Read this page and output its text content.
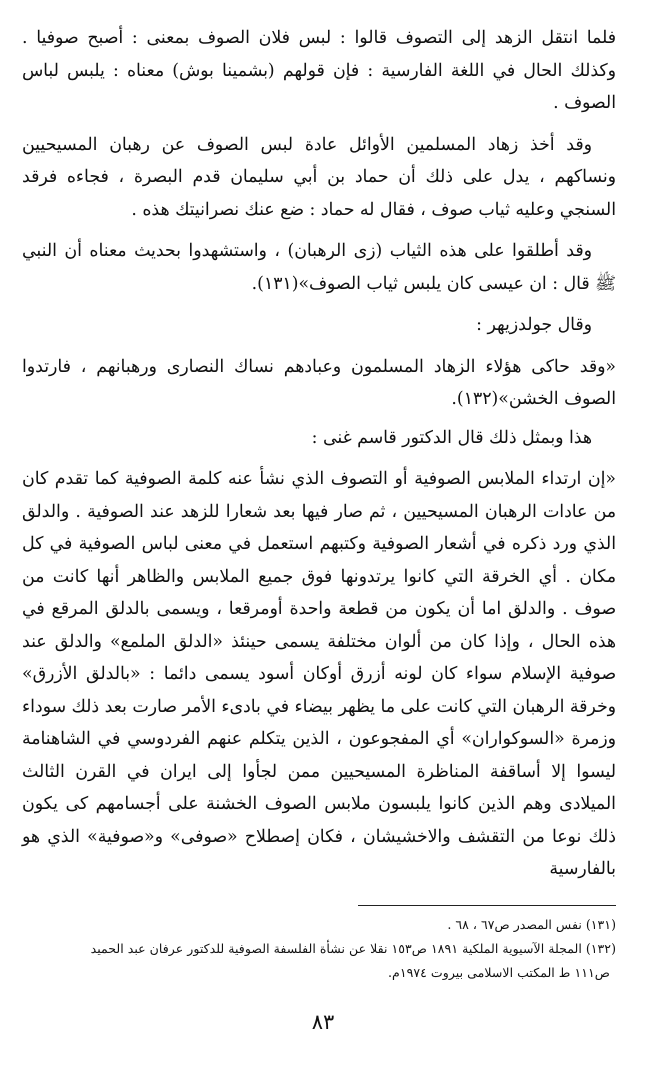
فلما انتقل الزهد إلى التصوف قالوا : لبس فلان الصوف بمعنى : أصبح صوفيا . وكذلك الحال في اللغة الفارسية : فإن قولهم (بشمينا بوش) معناه : يلبس لباس الصوف .

وقد أخذ زهاد المسلمين الأوائل عادة لبس الصوف عن رهبان المسيحيين ونساكهم ، يدل على ذلك أن حماد بن أبي سليمان قدم البصرة ، فجاءه فرقد السنجي وعليه ثياب صوف ، فقال له حماد : ضع عنك نصرانيتك هذه .

وقد أطلقوا على هذه الثياب (زى الرهبان) ، واستشهدوا بحديث معناه أن النبي ﷺ قال : ان عيسى كان يلبس ثياب الصوف»(١٣١).

وقال جولدزيهر :

«وقد حاكى هؤلاء الزهاد المسلمون وعبادهم نساك النصارى ورهبانهم ، فارتدوا الصوف الخشن»(١٣٢).

هذا وبمثل ذلك قال الدكتور قاسم غنى :

«إن ارتداء الملابس الصوفية أو التصوف الذي نشأ عنه كلمة الصوفية كما تقدم كان من عادات الرهبان المسيحيين ، ثم صار فيها بعد شعارا للزهد عند الصوفية . والدلق الذي ورد ذكره في أشعار الصوفية وكتبهم استعمل في معنى لباس الصوفية في كل مكان . أي الخرقة التي كانوا يرتدونها فوق جميع الملابس والظاهر أنها كانت من صوف . والدلق اما أن يكون من قطعة واحدة أومرقعا ، ويسمى بالدلق المرقع في هذه الحال ، وإذا كان من ألوان مختلفة يسمى حينئذ «الدلق الملمع» والدلق عند صوفية الإسلام سواء كان لونه أزرق أوكان أسود يسمى دائما : «بالدلق الأزرق» وخرقة الرهبان التي كانت على ما يظهر بيضاء في بادىء الأمر صارت بعد ذلك سوداء وزمرة «السوكواران» أي المفجوعون ، الذين يتكلم عنهم الفردوسي في الشاهنامة ليسوا إلا أساقفة المناظرة المسيحيين ممن لجأوا إلى ايران في القرن الثالث الميلادى وهم الذين كانوا يلبسون ملابس الصوف الخشنة على أجسامهم كى يكون ذلك نوعا من التقشف والاخشيشان ، فكان إصطلاح «صوفى» و«صوفية» الذي هو بالفارسية

(١٣١) نفس المصدر ص٦٧ ، ٦٨ .

(١٣٢) المجلة الآسيوية الملكية ١٨٩١ ص١٥٣ نقلا عن نشأة الفلسفة الصوفية للدكتور عرفان عبد الحميد

ص١١١ ط المكتب الاسلامى بيروت ١٩٧٤م.

٨٣
